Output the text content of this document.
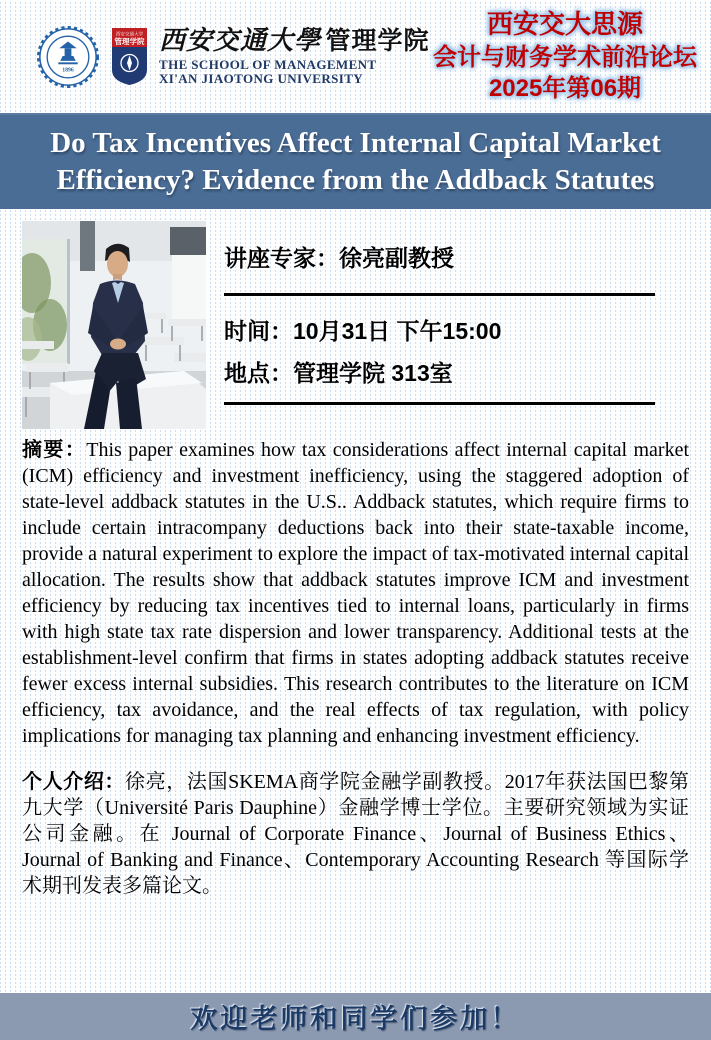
1896
西安交通大学
管理学院 西安交通大學 管理学院
THE SCHOOL OF MANAGEMENT
XI'AN JIAOTONG UNIVERSITY
西安交大思源
会计与财务学术前沿论坛
2025年第06期
Do Tax Incentives Affect Internal Capital Market
Efficiency? Evidence from the Addback Statutes
讲座专家：徐亮副教授
时间：10月31日 下午15:00
地点：管理学院 313室

摘要：This paper examines how tax considerations affect internal capital market (ICM) efficiency and investment inefficiency, using the staggered adoption of state-level addback statutes in the U.S.. Addback statutes, which require firms to include certain intracompany deductions back into their state-taxable income, provide a natural experiment to explore the impact of tax-motivated internal capital allocation. The results show that addback statutes improve ICM and investment efficiency by reducing tax incentives tied to internal loans, particularly in firms with high state tax rate dispersion and lower transparency. Additional tests at the establishment-level confirm that firms in states adopting addback statutes receive fewer excess internal subsidies. This research contributes to the literature on ICM efficiency, tax avoidance, and the real effects of tax regulation, with policy implications for managing tax planning and enhancing investment efficiency.

个人介绍：徐亮，法国SKEMA商学院金融学副教授。2017年获法国巴黎第九大学（Université Paris Dauphine）金融学博士学位。主要研究领域为实证公司金融。在 Journal of Corporate Finance、Journal of Business Ethics、Journal of Banking and Finance、Contemporary Accounting Research 等国际学术期刊发表多篇论文。

欢迎老师和同学们参加！
